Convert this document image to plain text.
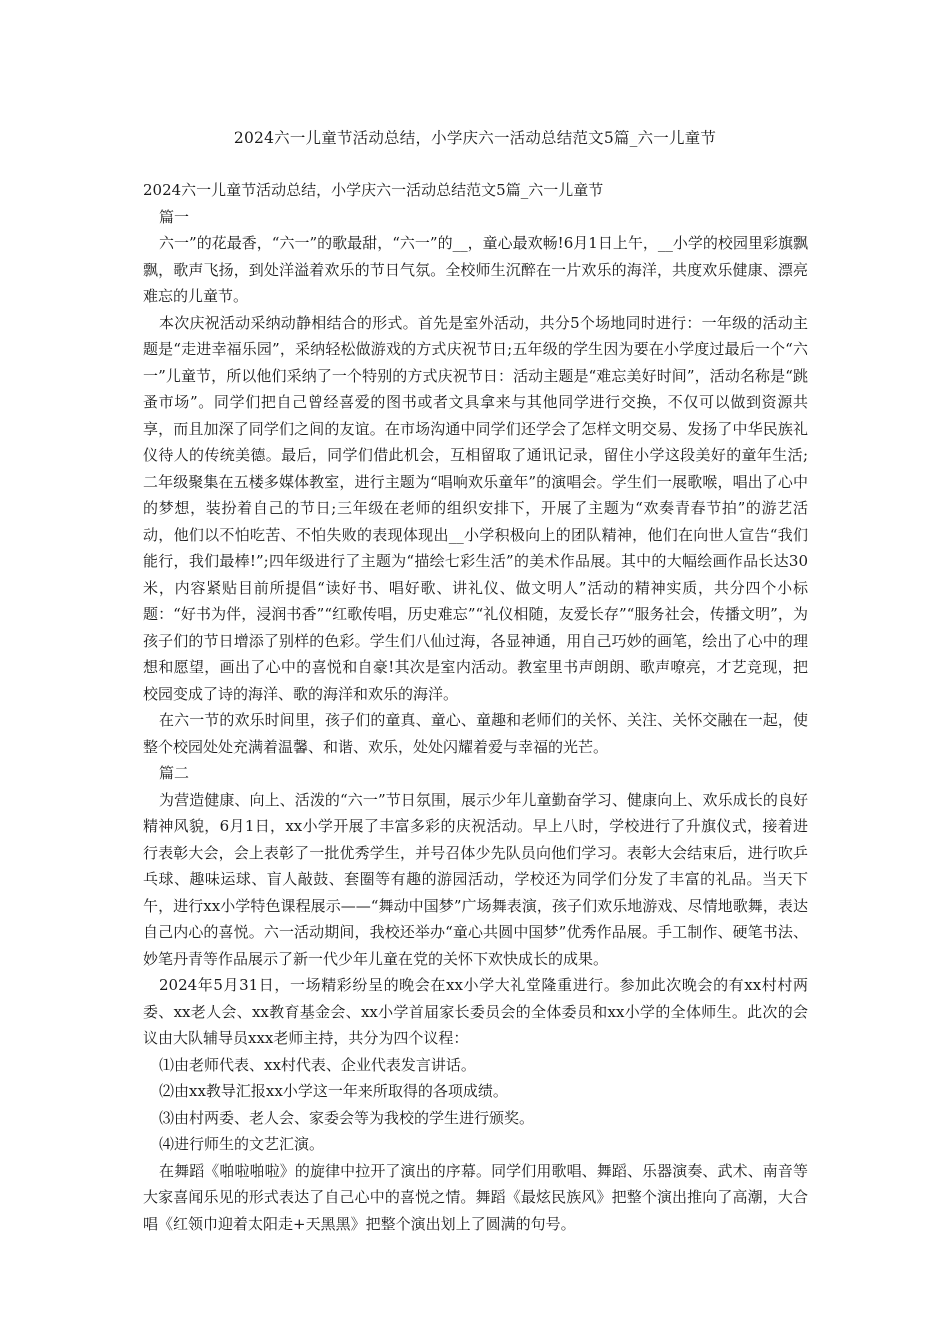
2024六一儿童节活动总结，小学庆六一活动总结范文5篇_六一儿童节

2024六一儿童节活动总结，小学庆六一活动总结范文5篇_六一儿童节

篇一

六一”的花最香，“六一”的歌最甜，“六一”的__，童心最欢畅!6月1日上午，__小学的校园里彩旗飘飘，歌声飞扬，到处洋溢着欢乐的节日气氛。全校师生沉醉在一片欢乐的海洋，共度欢乐健康、漂亮难忘的儿童节。

本次庆祝活动采纳动静相结合的形式。首先是室外活动，共分5个场地同时进行：一年级的活动主题是“走进幸福乐园”，采纳轻松做游戏的方式庆祝节日;五年级的学生因为要在小学度过最后一个“六一”儿童节，所以他们采纳了一个特别的方式庆祝节日：活动主题是“难忘美好时间”，活动名称是“跳蚤市场”。同学们把自己曾经喜爱的图书或者文具拿来与其他同学进行交换，不仅可以做到资源共享，而且加深了同学们之间的友谊。在市场沟通中同学们还学会了怎样文明交易、发扬了中华民族礼仪待人的传统美德。最后，同学们借此机会，互相留取了通讯记录，留住小学这段美好的童年生活;二年级聚集在五楼多媒体教室，进行主题为“唱响欢乐童年”的演唱会。学生们一展歌喉，唱出了心中的梦想，装扮着自己的节日;三年级在老师的组织安排下，开展了主题为“欢奏青春节拍”的游艺活动，他们以不怕吃苦、不怕失败的表现体现出__小学积极向上的团队精神，他们在向世人宣告“我们能行，我们最棒!”;四年级进行了主题为“描绘七彩生活”的美术作品展。其中的大幅绘画作品长达30米，内容紧贴目前所提倡“读好书、唱好歌、讲礼仪、做文明人”活动的精神实质，共分四个小标题：“好书为伴，浸润书香”“红歌传唱，历史难忘”“礼仪相随，友爱长存”“服务社会，传播文明”，为孩子们的节日增添了别样的色彩。学生们八仙过海，各显神通，用自己巧妙的画笔，绘出了心中的理想和愿望，画出了心中的喜悦和自豪!其次是室内活动。教室里书声朗朗、歌声嘹亮，才艺竞现，把校园变成了诗的海洋、歌的海洋和欢乐的海洋。

在六一节的欢乐时间里，孩子们的童真、童心、童趣和老师们的关怀、关注、关怀交融在一起，使整个校园处处充满着温馨、和谐、欢乐，处处闪耀着爱与幸福的光芒。

篇二

为营造健康、向上、活泼的“六一”节日氛围，展示少年儿童勤奋学习、健康向上、欢乐成长的良好精神风貌，6月1日，xx小学开展了丰富多彩的庆祝活动。早上八时，学校进行了升旗仪式，接着进行表彰大会，会上表彰了一批优秀学生，并号召体少先队员向他们学习。表彰大会结束后，进行吹乒乓球、趣味运球、盲人敲鼓、套圈等有趣的游园活动，学校还为同学们分发了丰富的礼品。当天下午，进行xx小学特色课程展示——“舞动中国梦”广场舞表演，孩子们欢乐地游戏、尽情地歌舞，表达自己内心的喜悦。六一活动期间，我校还举办“童心共圆中国梦”优秀作品展。手工制作、硬笔书法、妙笔丹青等作品展示了新一代少年儿童在党的关怀下欢快成长的成果。

2024年5月31日，一场精彩纷呈的晚会在xx小学大礼堂隆重进行。参加此次晚会的有xx村村两委、xx老人会、xx教育基金会、xx小学首届家长委员会的全体委员和xx小学的全体师生。此次的会议由大队辅导员xxx老师主持，共分为四个议程：

⑴由老师代表、xx村代表、企业代表发言讲话。

⑵由xx教导汇报xx小学这一年来所取得的各项成绩。

⑶由村两委、老人会、家委会等为我校的学生进行颁奖。

⑷进行师生的文艺汇演。

在舞蹈《啪啦啪啦》的旋律中拉开了演出的序幕。同学们用歌唱、舞蹈、乐器演奏、武术、南音等大家喜闻乐见的形式表达了自己心中的喜悦之情。舞蹈《最炫民族风》把整个演出推向了高潮，大合唱《红领巾迎着太阳走+天黑黑》把整个演出划上了圆满的句号。
